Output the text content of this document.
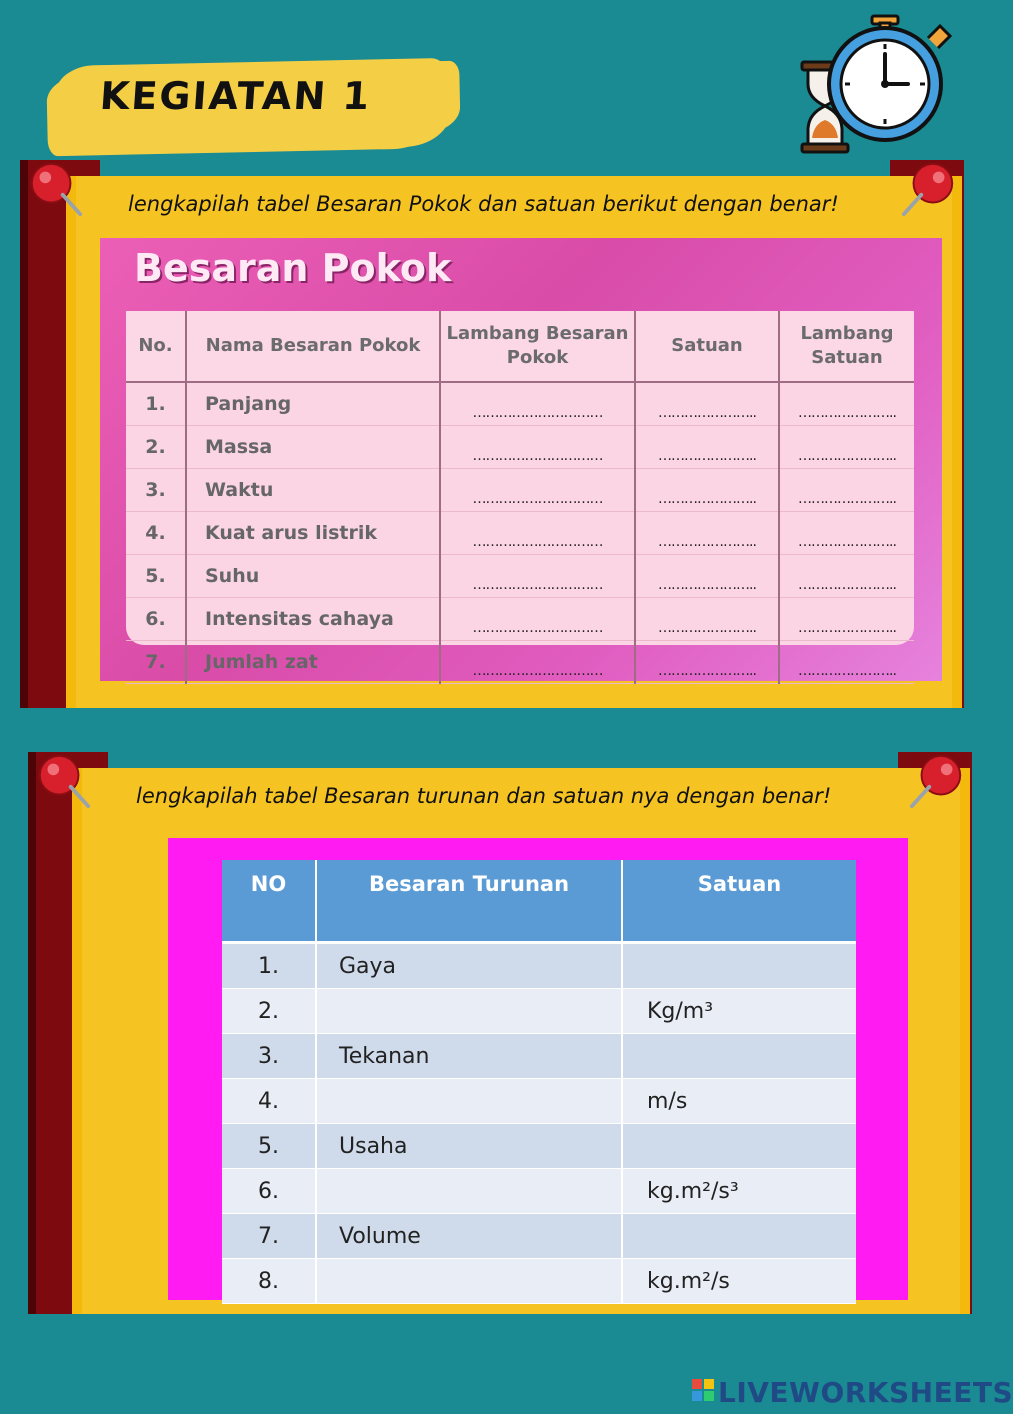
KEGIATAN 1
lengkapilah tabel Besaran Pokok dan satuan berikut dengan benar!
Besaran Pokok
No.	Nama Besaran Pokok	Lambang Besaran Pokok	Satuan	Lambang Satuan
1.	Panjang	…………………………	…………………..	…………………..
2.	Massa	…………………………	…………………..	…………………..
3.	Waktu	…………………………	…………………..	…………………..
4.	Kuat arus listrik	…………………………	…………………..	…………………..
5.	Suhu	…………………………	…………………..	…………………..
6.	Intensitas cahaya	…………………………	…………………..	…………………..
7.	Jumlah zat	…………………………	…………………..	…………………..
lengkapilah tabel Besaran turunan dan satuan nya dengan benar!
NO	Besaran Turunan	Satuan
1.	Gaya	
2.		Kg/m³
3.	Tekanan	
4.		m/s
5.	Usaha	
6.		kg.m²/s³
7.	Volume	
8.		kg.m²/s
LIVEWORKSHEETS
